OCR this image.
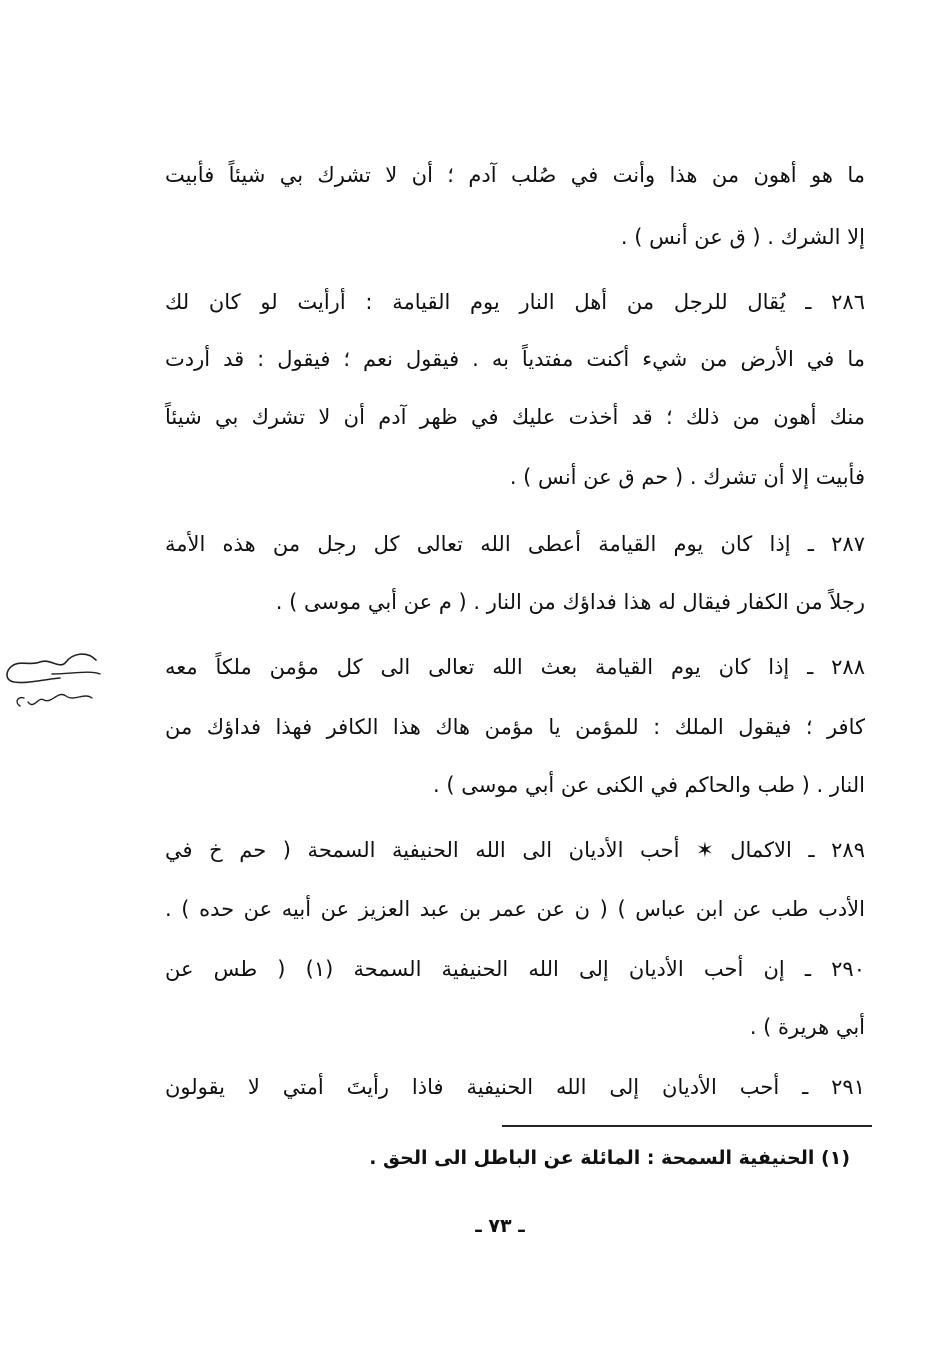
ما هو أهون من هذا وأنت في صُلب آدم ؛ أن لا تشرك بي شيئاً فأبيت
إلا الشرك . ( ق عن أنس ) .
٢٨٦ ـ يُقال للرجل من أهل النار يوم القيامة : أرأيت لو كان لك
ما في الأرض من شيء أكنت مفتدياً به . فيقول نعم ؛ فيقول : قد أردت
منك أهون من ذلك ؛ قد أخذت عليك في ظهر آدم أن لا تشرك بي شيئاً
فأبيت إلا أن تشرك . ( حم ق عن أنس ) .
٢٨٧ ـ إذا كان يوم القيامة أعطى الله تعالى كل رجل من هذه الأمة
رجلاً من الكفار فيقال له هذا فداؤك من النار . ( م عن أبي موسى ) .
٢٨٨ ـ إذا كان يوم القيامة بعث الله تعالى الى كل مؤمن ملكاً معه
كافر ؛ فيقول الملك : للمؤمن يا مؤمن هاك هذا الكافر فهذا فداؤك من
النار . ( طب والحاكم في الكنى عن أبي موسى ) .
٢٨٩ ـ الاكمال ✶ أحب الأديان الى الله الحنيفية السمحة ( حم خ في
الأدب طب عن ابن عباس ) ( ن عن عمر بن عبد العزيز عن أبيه عن حده ) .
٢٩٠ ـ إن أحب الأديان إلى الله الحنيفية السمحة (١) ( طس عن
أبي هريرة ) .
٢٩١ ـ أحب الأديان إلى الله الحنيفية فاذا رأيتَ أمتي لا يقولون
(١) الحنيفية السمحة : المائلة عن الباطل الى الحق .
ـ ٧٣ ـ
